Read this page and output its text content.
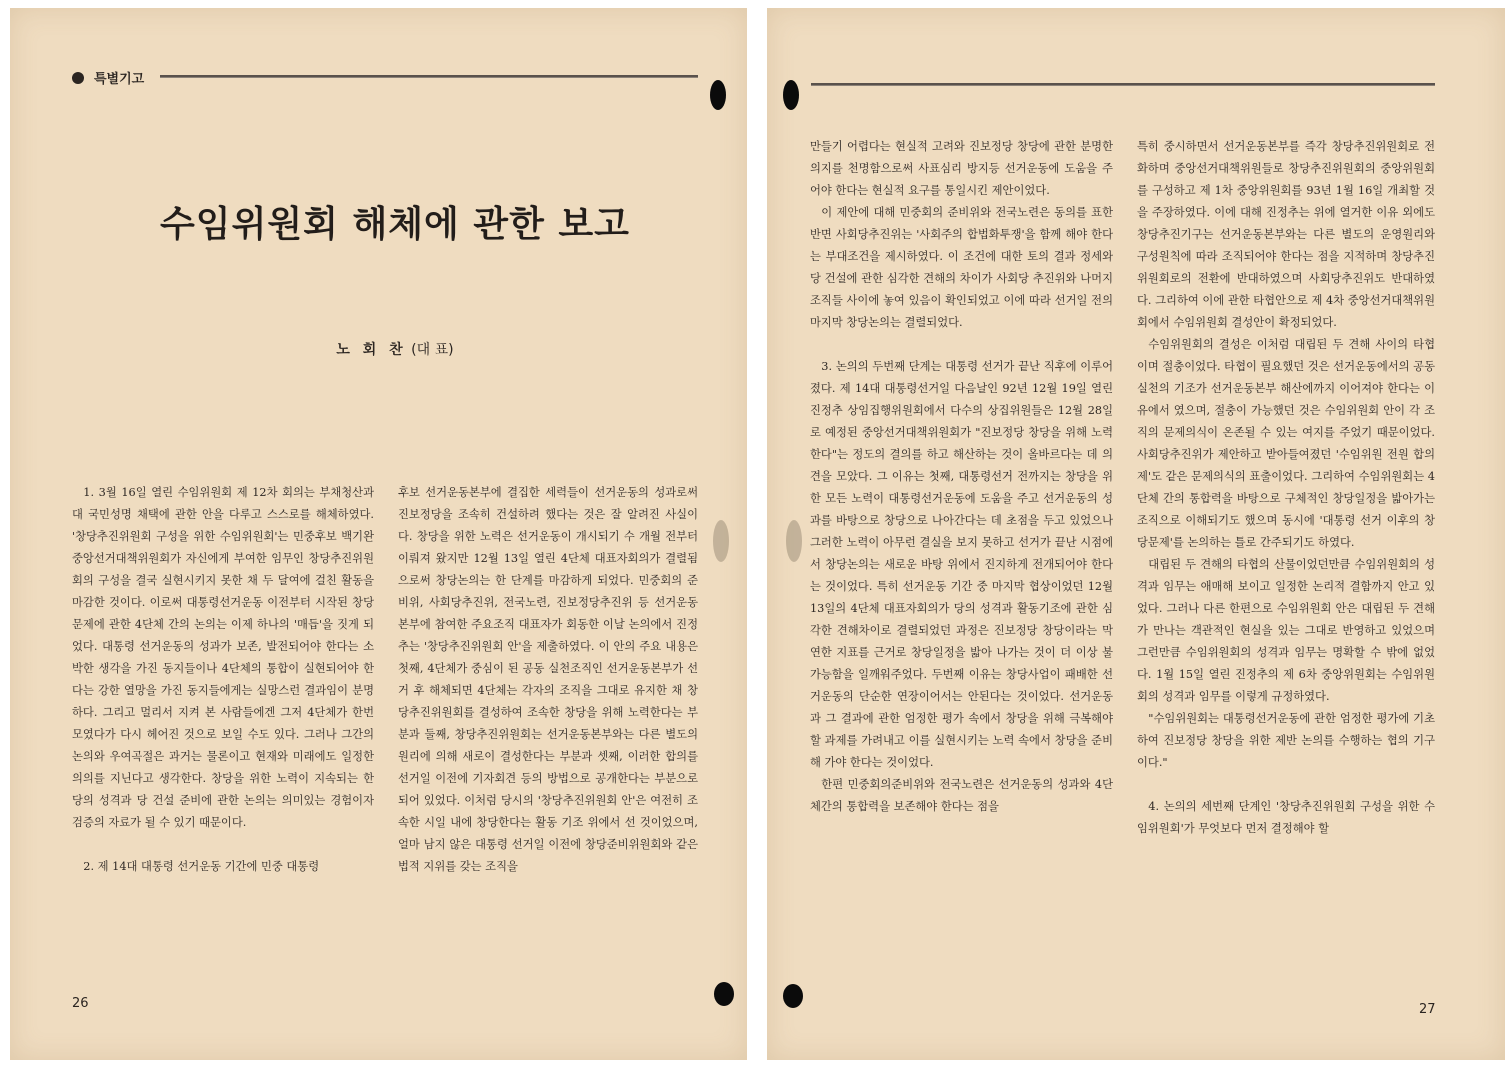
특별기고
수임위원회 해체에 관한 보고
노 회 찬 (대 표)

1. 3월 16일 열린 수임위원회 제 12차 회의는 부채청산과 대 국민성명 채택에 관한 안을 다루고 스스로를 해체하였다. '창당추진위원회 구성을 위한 수임위원회'는 민중후보 백기완 중앙선거대책위원회가 자신에게 부여한 임무인 창당추진위원회의 구성을 결국 실현시키지 못한 채 두 달여에 걸친 활동을 마감한 것이다. 이로써 대통령선거운동 이전부터 시작된 창당문제에 관한 4단체 간의 논의는 이제 하나의 '매듭'을 짓게 되었다. 대통령 선거운동의 성과가 보존, 발전되어야 한다는 소박한 생각을 가진 동지들이나 4단체의 통합이 실현되어야 한다는 강한 열망을 가진 동지들에게는 실망스런 결과임이 분명하다. 그리고 멀리서 지켜 본 사람들에겐 그저 4단체가 한번 모였다가 다시 헤어진 것으로 보일 수도 있다. 그러나 그간의 논의와 우여곡절은 과거는 물론이고 현재와 미래에도 일정한 의의를 지닌다고 생각한다. 창당을 위한 노력이 지속되는 한 당의 성격과 당 건설 준비에 관한 논의는 의미있는 경험이자 검증의 자료가 될 수 있기 때문이다.

2. 제 14대 대통령 선거운동 기간에 민중 대통령

후보 선거운동본부에 결집한 세력들이 선거운동의 성과로써 진보정당을 조속히 건설하려 했다는 것은 잘 알려진 사실이다. 창당을 위한 노력은 선거운동이 개시되기 수 개월 전부터 이뤄져 왔지만 12월 13일 열린 4단체 대표자회의가 결렬됨으로써 창당논의는 한 단계를 마감하게 되었다. 민중회의 준비위, 사회당추진위, 전국노련, 진보정당추진위 등 선거운동본부에 참여한 주요조직 대표자가 회동한 이날 논의에서 진정추는 '창당추진위원회 안'을 제출하였다. 이 안의 주요 내용은 첫째, 4단체가 중심이 된 공동 실천조직인 선거운동본부가 선거 후 해체되면 4단체는 각자의 조직을 그대로 유지한 채 창당추진위원회를 결성하여 조속한 창당을 위해 노력한다는 부분과 둘째, 창당추진위원회는 선거운동본부와는 다른 별도의 원리에 의해 새로이 결성한다는 부분과 셋째, 이러한 합의를 선거일 이전에 기자회견 등의 방법으로 공개한다는 부분으로 되어 있었다. 이처럼 당시의 '창당추진위원회 안'은 여전히 조속한 시일 내에 창당한다는 활동 기조 위에서 선 것이었으며, 얼마 남지 않은 대통령 선거일 이전에 창당준비위원회와 같은 법적 지위를 갖는 조직을

26

만들기 어렵다는 현실적 고려와 진보정당 창당에 관한 분명한 의지를 천명함으로써 사표심리 방지등 선거운동에 도움을 주어야 한다는 현실적 요구를 통일시킨 제안이었다.

이 제안에 대해 민중회의 준비위와 전국노련은 동의를 표한 반면 사회당추진위는 '사회주의 합법화투쟁'을 함께 해야 한다는 부대조건을 제시하였다. 이 조건에 대한 토의 결과 정세와 당 건설에 관한 심각한 견해의 차이가 사회당 추진위와 나머지 조직들 사이에 놓여 있음이 확인되었고 이에 따라 선거일 전의 마지막 창당논의는 결렬되었다.

3. 논의의 두번째 단계는 대통령 선거가 끝난 직후에 이루어졌다. 제 14대 대통령선거일 다음날인 92년 12월 19일 열린 진정추 상임집행위원회에서 다수의 상집위원들은 12월 28일로 예정된 중앙선거대책위원회가 "진보정당 창당을 위해 노력한다"는 정도의 결의를 하고 해산하는 것이 올바르다는 데 의견을 모았다. 그 이유는 첫째, 대통령선거 전까지는 창당을 위한 모든 노력이 대통령선거운동에 도움을 주고 선거운동의 성과를 바탕으로 창당으로 나아간다는 데 초점을 두고 있었으나 그러한 노력이 아무런 결실을 보지 못하고 선거가 끝난 시점에서 창당논의는 새로운 바탕 위에서 진지하게 전개되어야 한다는 것이었다. 특히 선거운동 기간 중 마지막 협상이었던 12월 13일의 4단체 대표자회의가 당의 성격과 활동기조에 관한 심각한 견해차이로 결렬되었던 과정은 진보정당 창당이라는 막연한 지표를 근거로 창당일정을 밟아 나가는 것이 더 이상 불가능함을 일깨워주었다. 두번째 이유는 창당사업이 패배한 선거운동의 단순한 연장이어서는 안된다는 것이었다. 선거운동과 그 결과에 관한 엄정한 평가 속에서 창당을 위해 극복해야할 과제를 가려내고 이를 실현시키는 노력 속에서 창당을 준비해 가야 한다는 것이었다.

한편 민중회의준비위와 전국노련은 선거운동의 성과와 4단체간의 통합력을 보존해야 한다는 점을

특히 중시하면서 선거운동본부를 즉각 창당추진위원회로 전화하며 중앙선거대책위원들로 창당추진위원회의 중앙위원회를 구성하고 제 1차 중앙위원회를 93년 1월 16일 개최할 것을 주장하였다. 이에 대해 진정추는 위에 열거한 이유 외에도 창당추진기구는 선거운동본부와는 다른 별도의 운영원리와 구성원칙에 따라 조직되어야 한다는 점을 지적하며 창당추진위원회로의 전환에 반대하였으며 사회당추진위도 반대하였다. 그리하여 이에 관한 타협안으로 제 4차 중앙선거대책위원회에서 수임위원회 결성안이 확정되었다.

수임위원회의 결성은 이처럼 대립된 두 견해 사이의 타협이며 절충이었다. 타협이 필요했던 것은 선거운동에서의 공동실천의 기조가 선거운동본부 해산에까지 이어져야 한다는 이유에서 였으며, 절충이 가능했던 것은 수임위원회 안이 각 조직의 문제의식이 온존될 수 있는 여지를 주었기 때문이었다. 사회당추진위가 제안하고 받아들여졌던 '수임위원 전원 합의제'도 같은 문제의식의 표출이었다. 그리하여 수임위원회는 4단체 간의 통합력을 바탕으로 구체적인 창당일정을 밟아가는 조직으로 이해되기도 했으며 동시에 '대통령 선거 이후의 창당문제'를 논의하는 틀로 간주되기도 하였다.

대립된 두 견해의 타협의 산물이었던만큼 수임위원회의 성격과 임무는 애매해 보이고 일정한 논리적 결함까지 안고 있었다. 그러나 다른 한편으로 수임위원회 안은 대립된 두 견해가 만나는 객관적인 현실을 있는 그대로 반영하고 있었으며 그런만큼 수임위원회의 성격과 임무는 명확할 수 밖에 없었다. 1월 15일 열린 진정추의 제 6차 중앙위원회는 수임위원회의 성격과 임무를 이렇게 규정하였다.

"수임위원회는 대통령선거운동에 관한 엄정한 평가에 기초하여 진보정당 창당을 위한 제반 논의를 수행하는 협의 기구이다."

4. 논의의 세번째 단계인 '창당추진위원회 구성을 위한 수임위원회'가 무엇보다 먼저 결정해야 할

27
